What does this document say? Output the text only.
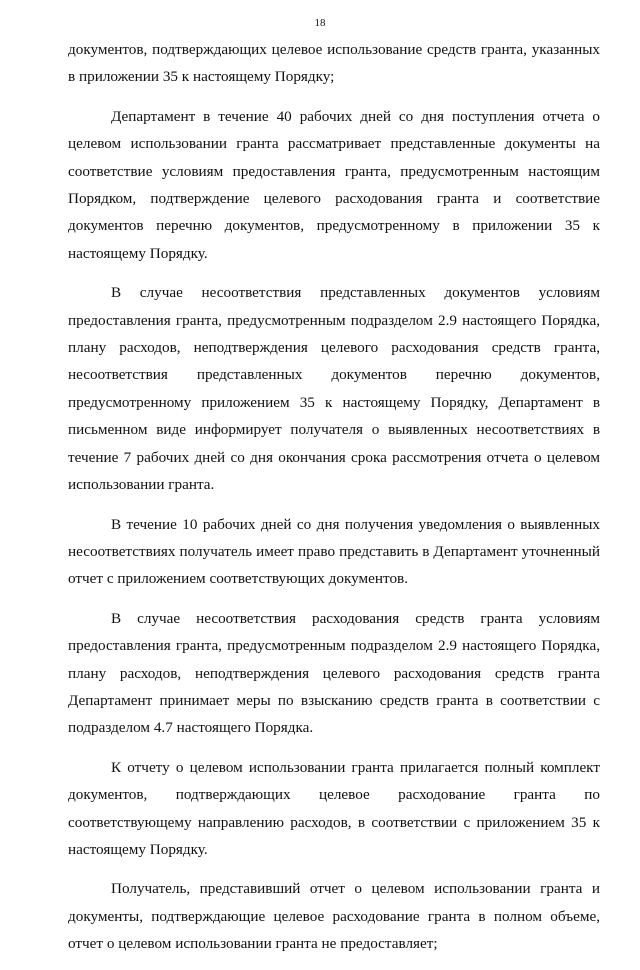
18

документов, подтверждающих целевое использование средств гранта, указанных в приложении 35 к настоящему Порядку;

Департамент в течение 40 рабочих дней со дня поступления отчета о целевом использовании гранта рассматривает представленные документы на соответствие условиям предоставления гранта, предусмотренным настоящим Порядком, подтверждение целевого расходования гранта и соответствие документов перечню документов, предусмотренному в приложении 35 к настоящему Порядку.

В случае несоответствия представленных документов условиям предоставления гранта, предусмотренным подразделом 2.9 настоящего Порядка, плану расходов, неподтверждения целевого расходования средств гранта, несоответствия представленных документов перечню документов, предусмотренному приложением 35 к настоящему Порядку, Департамент в письменном виде информирует получателя о выявленных несоответствиях в течение 7 рабочих дней со дня окончания срока рассмотрения отчета о целевом использовании гранта.

В течение 10 рабочих дней со дня получения уведомления о выявленных несоответствиях получатель имеет право представить в Департамент уточненный отчет с приложением соответствующих документов.

В случае несоответствия расходования средств гранта условиям предоставления гранта, предусмотренным подразделом 2.9 настоящего Порядка, плану расходов, неподтверждения целевого расходования средств гранта Департамент принимает меры по взысканию средств гранта в соответствии с подразделом 4.7 настоящего Порядка.

К отчету о целевом использовании гранта прилагается полный комплект документов, подтверждающих целевое расходование гранта по соответствующему направлению расходов, в соответствии с приложением 35 к настоящему Порядку.

Получатель, представивший отчет о целевом использовании гранта и документы, подтверждающие целевое расходование гранта в полном объеме, отчет о целевом использовании гранта не предоставляет;
